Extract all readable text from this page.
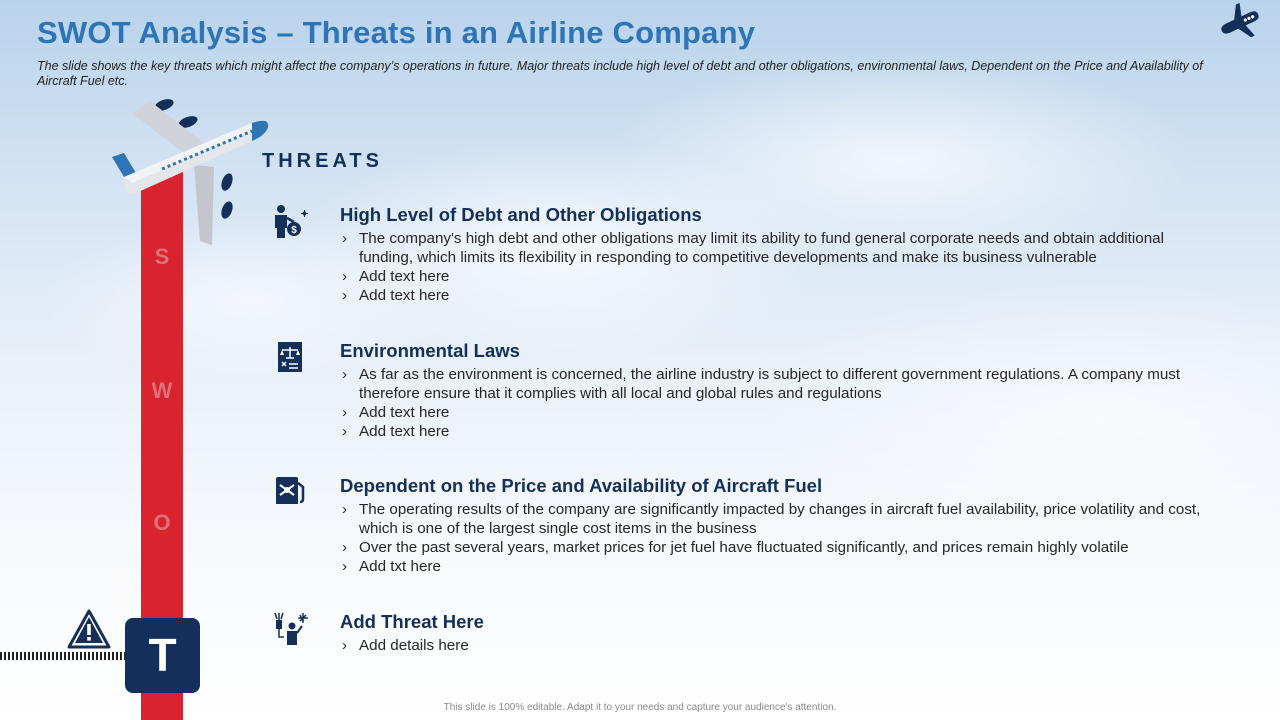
SWOT Analysis – Threats in an Airline Company
The slide shows the key threats which might affect the company’s operations in future. Major threats include high level of debt and other obligations, environmental laws, Dependent on the Price and Availability of Aircraft Fuel etc.
S
W
O
T
THREATS
$
High Level of Debt and Other Obligations
› The company's high debt and other obligations may limit its ability to fund general corporate needs and obtain additional funding, which limits its flexibility in responding to competitive developments and make its business vulnerable
› Add text here
› Add text here
Environmental Laws
› As far as the environment is concerned, the airline industry is subject to different government regulations. A company must therefore ensure that it complies with all local and global rules and regulations
› Add text here
› Add text here
Dependent on the Price and Availability of Aircraft Fuel
› The operating results of the company are significantly impacted by changes in aircraft fuel availability, price volatility and cost, which is one of the largest single cost items in the business
› Over the past several years, market prices for jet fuel have fluctuated significantly, and prices remain highly volatile
› Add txt here
Add Threat Here
› Add details here
This slide is 100% editable. Adapt it to your needs and capture your audience's attention.
